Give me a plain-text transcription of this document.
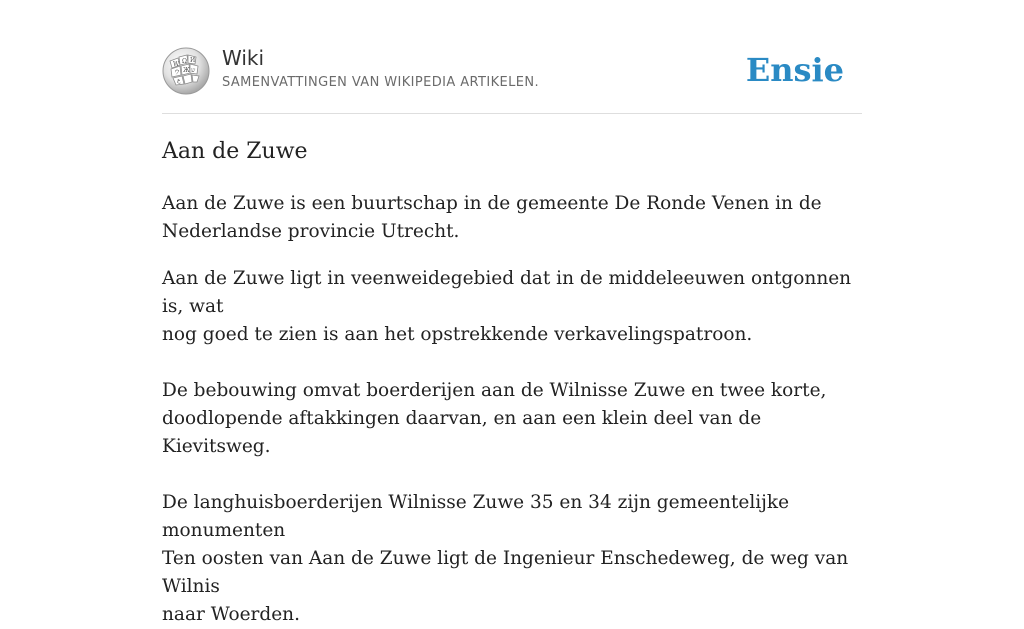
W Ω И
ウ Ж ש
ع
Wiki
SAMENVATTINGEN VAN WIKIPEDIA ARTIKELEN.	Ensie
Aan de Zuwe

Aan de Zuwe is een buurtschap in de gemeente De Ronde Venen in de
Nederlandse provincie Utrecht.

Aan de Zuwe ligt in veenweidegebied dat in de middeleeuwen ontgonnen is, wat
nog goed te zien is aan het opstrekkende verkavelingspatroon.

De bebouwing omvat boerderijen aan de Wilnisse Zuwe en twee korte,
doodlopende aftakkingen daarvan, en aan een klein deel van de Kievitsweg.

De langhuisboerderijen Wilnisse Zuwe 35 en 34 zijn gemeentelijke monumenten
Ten oosten van Aan de Zuwe ligt de Ingenieur Enschedeweg, de weg van Wilnis
naar Woerden.
